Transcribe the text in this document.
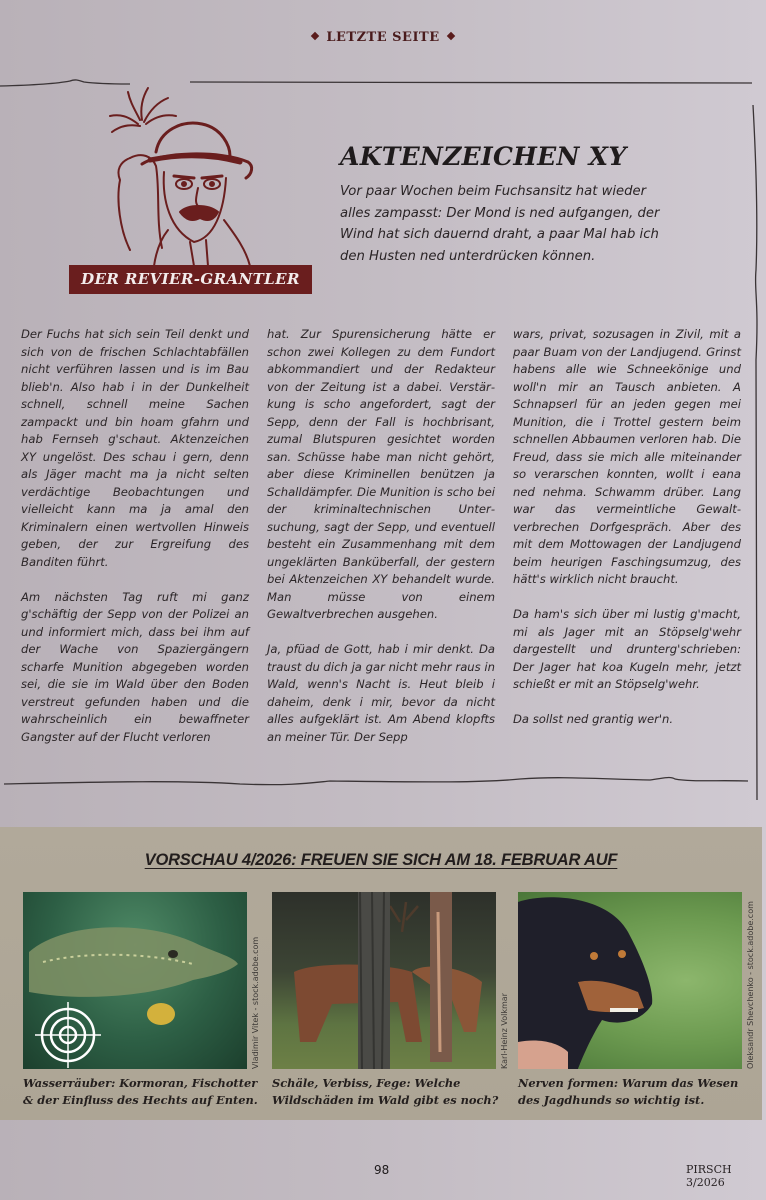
LETZTE SEITE
DER REVIER-GRANTLER
AKTENZEICHEN XY

Vor paar Wochen beim Fuchsansitz hat wieder alles zampasst: Der Mond is ned aufgangen, der Wind hat sich dauernd draht, a paar Mal hab ich den Husten ned unterdrücken können.

Der Fuchs hat sich sein Teil denkt und sich von de frischen Schlachtabfällen nicht verführen lassen und is im Bau blieb'n. Also hab i in der Dunkelheit schnell, schnell meine Sachen zampackt und bin hoam gfahrn und hab Fernseh g'schaut. Aktenzeichen XY ungelöst. Des schau i gern, denn als Jäger macht ma ja nicht selten verdächtige Beobachtungen und vielleicht kann ma ja amal den Kriminalern einen wertvollen Hinweis geben, der zur Ergreifung des Banditen führt.

Am nächsten Tag ruft mi ganz g'schäftig der Sepp von der Polizei an und informiert mich, dass bei ihm auf der Wache von Spaziergängern scharfe Munition abgegeben worden sei, die sie im Wald über den Boden verstreut gefunden haben und die wahrscheinlich ein bewaffneter Gangster auf der Flucht verloren

hat. Zur Spurensicherung hätte er schon zwei Kollegen zu dem Fundort abkommandiert und der Redakteur von der Zeitung ist a dabei. Verstärkung is scho angefordert, sagt der Sepp, denn der Fall is hochbrisant, zumal Blutspuren gesichtet worden san. Schüsse habe man nicht gehört, aber diese Kriminellen benützen ja Schalldämpfer. Die Munition is scho bei der kriminaltechnischen Untersuchung, sagt der Sepp, und eventuell besteht ein Zusammenhang mit dem ungeklärten Banküberfall, der gestern bei Aktenzeichen XY behandelt wurde. Man müsse von einem Gewaltverbrechen ausgehen.

Ja, pfüad de Gott, hab i mir denkt. Da traust du dich ja gar nicht mehr raus in Wald, wenn's Nacht is. Heut bleib i daheim, denk i mir, bevor da nicht alles aufgeklärt ist. Am Abend klopfts an meiner Tür. Der Sepp

wars, privat, sozusagen in Zivil, mit a paar Buam von der Landjugend. Grinst habens alle wie Schneekönige und woll'n mir an Tausch anbieten. A Schnapserl für an jeden gegen mei Munition, die i Trottel gestern beim schnellen Abbaumen verloren hab. Die Freud, dass sie mich alle miteinander so verarschen konnten, wollt i eana ned nehma. Schwamm drüber. Lang war das vermeintliche Gewaltverbrechen Dorfgespräch. Aber des mit dem Mottowagen der Landjugend beim heurigen Faschingsumzug, des hätt's wirklich nicht braucht.

Da ham's sich über mi lustig g'macht, mi als Jager mit an Stöpselg'wehr dargestellt und drunterg'schrieben: Der Jager hat koa Kugeln mehr, jetzt schießt er mit an Stöpselg'wehr.

Da sollst ned grantig wer'n.

VORSCHAU 4/2026: FREUEN SIE SICH AM 18. FEBRUAR AUF
Vladimir Vitek - stock.adobe.com
Wasserräuber: Kormoran, Fischotter & der Einfluss des Hechts auf Enten.
Karl-Heinz Volkmar
Schäle, Verbiss, Fege: Welche Wildschäden im Wald gibt es noch?
Oleksandr Shevchenko - stock.adobe.com
Nerven formen: Warum das Wesen des Jagdhunds so wichtig ist.
98	PIRSCH 3/2026
